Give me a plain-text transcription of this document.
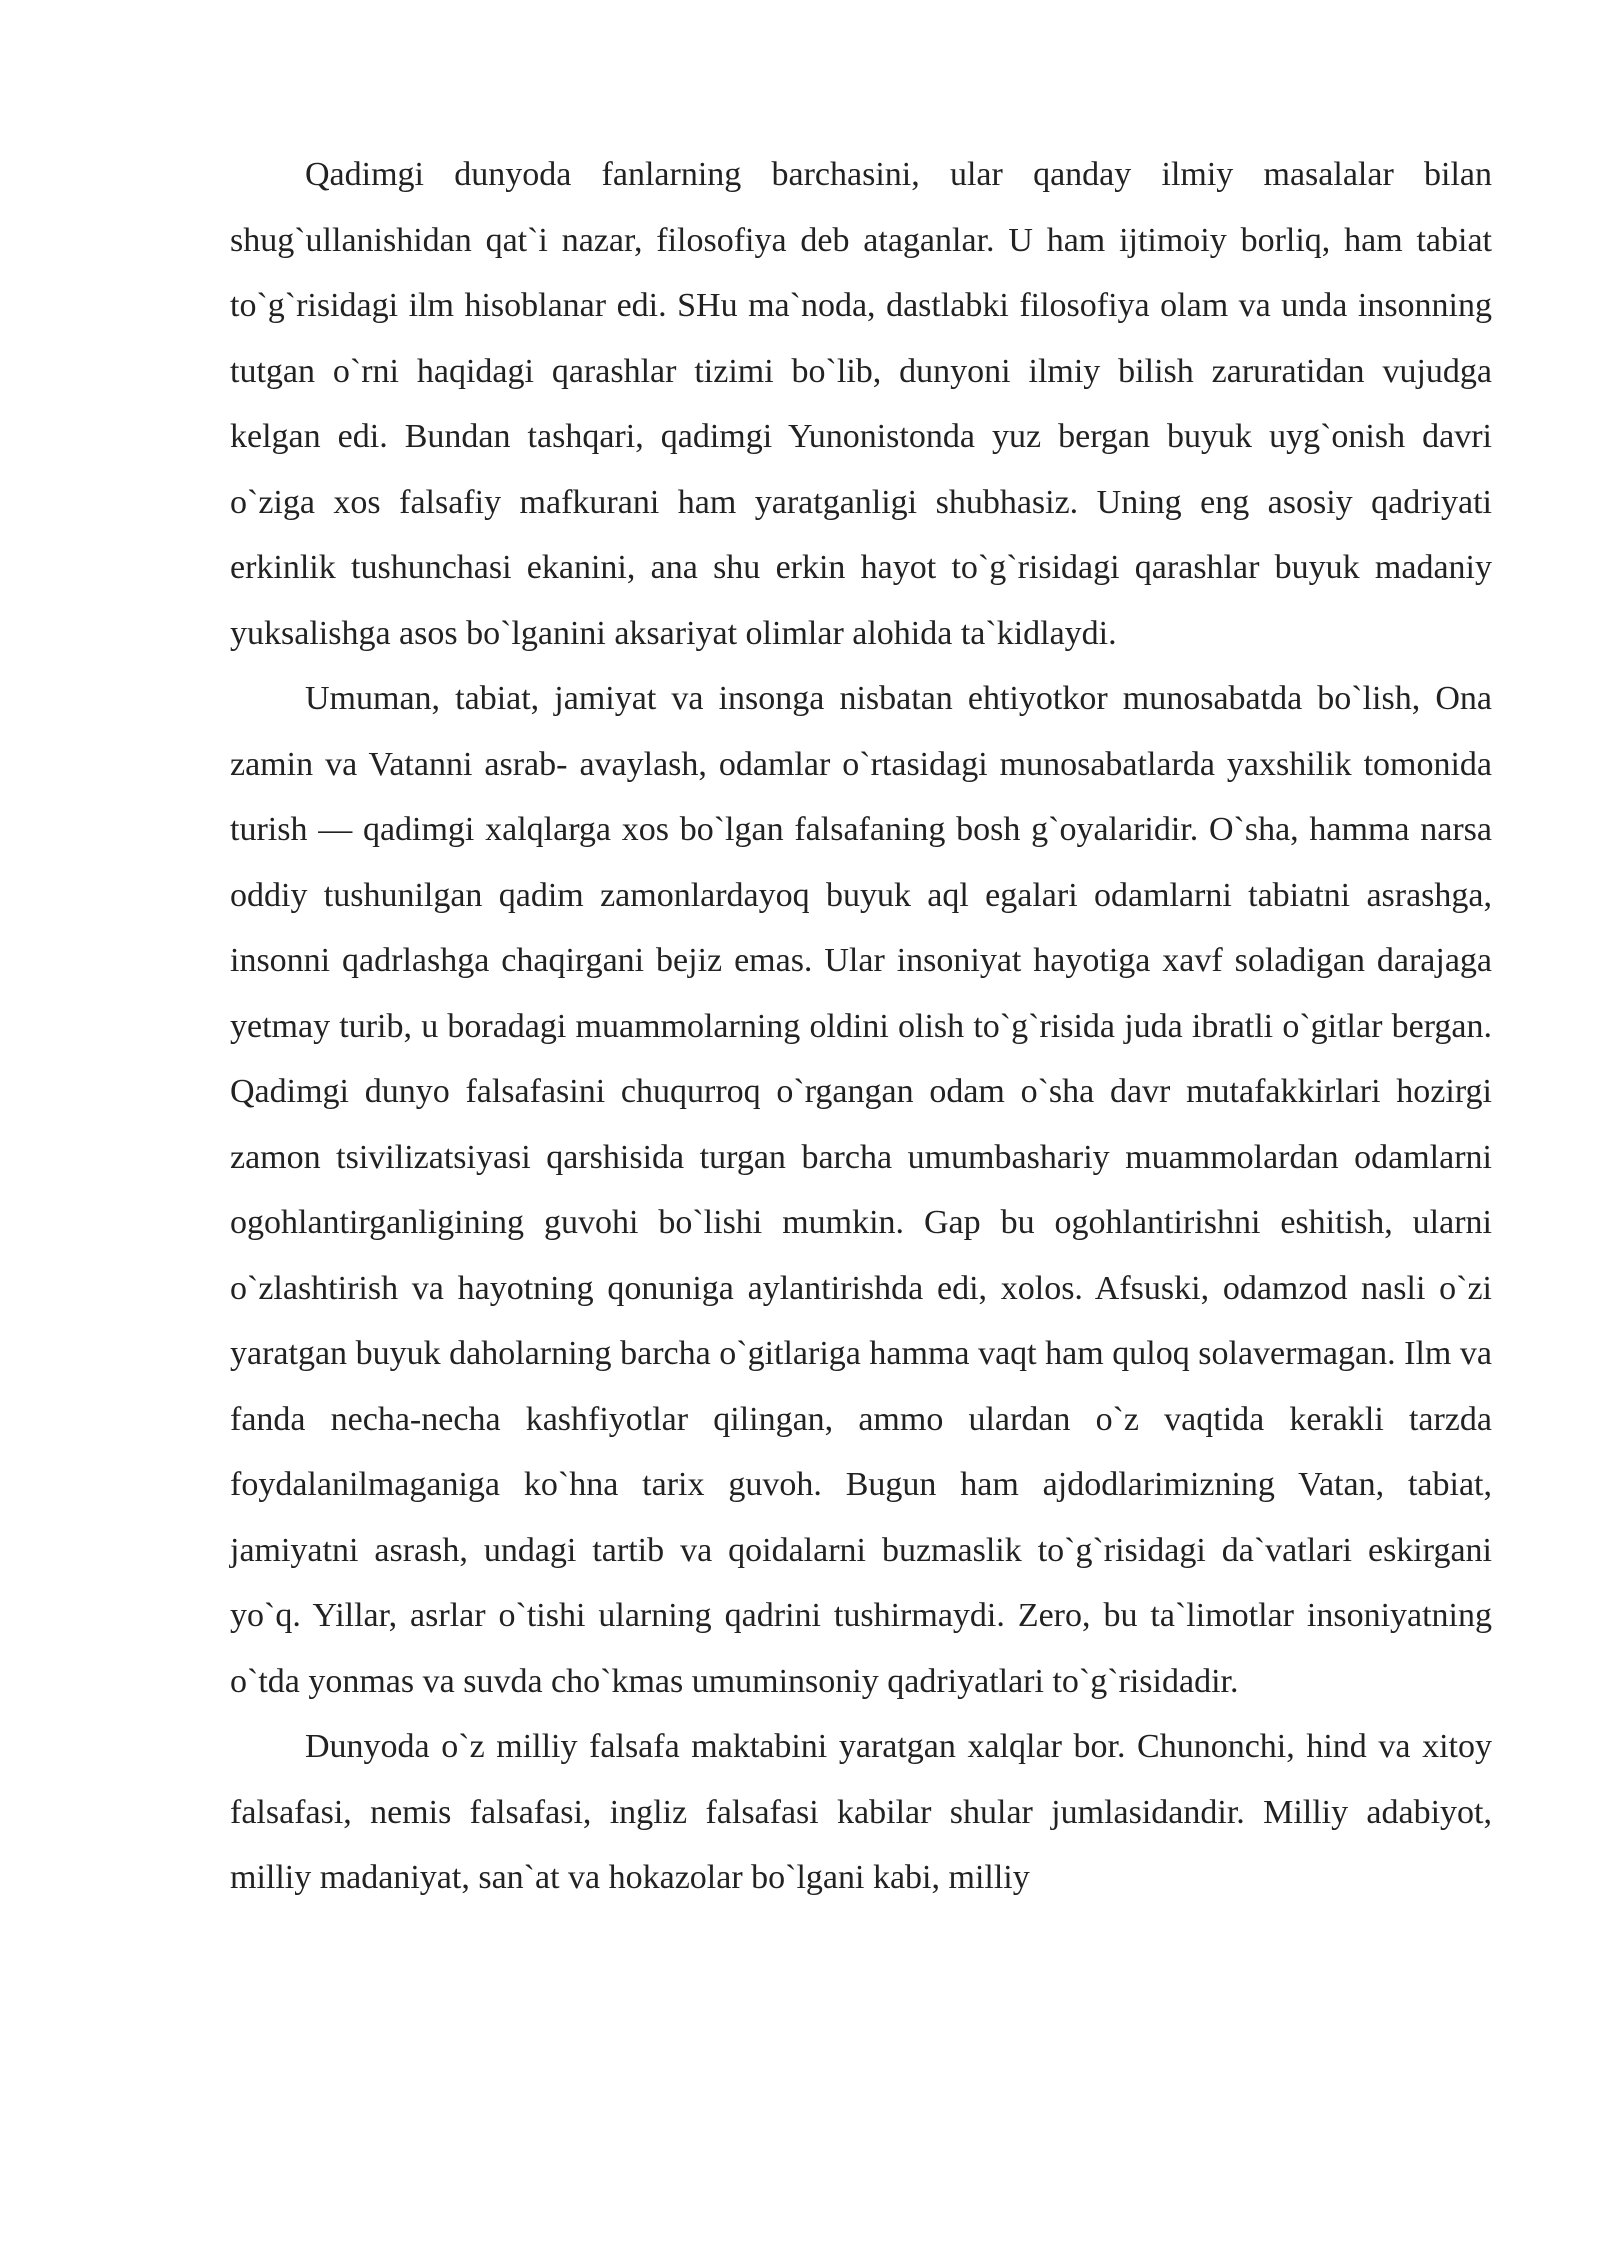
Qadimgi dunyoda fanlarning barchasini, ular qanday ilmiy masalalar bilan shug`ullanishidan qat`i nazar, filosofiya deb ataganlar. U ham ijtimoiy borliq, ham tabiat to`g`risidagi ilm hisoblanar edi. SHu ma`noda, dastlabki filosofiya olam va unda insonning tutgan o`rni haqidagi qarashlar tizimi bo`lib, dunyoni ilmiy bilish zaruratidan vujudga kelgan edi. Bundan tashqari, qadimgi Yunonistonda yuz bergan buyuk uyg`onish davri o`ziga xos falsafiy mafkurani ham yaratganligi shubhasiz. Uning eng asosiy qadriyati erkinlik tushunchasi ekanini, ana shu erkin hayot to`g`risidagi qarashlar buyuk madaniy yuksalishga asos bo`lganini aksariyat olimlar alohida ta`kidlaydi.

Umuman, tabiat, jamiyat va insonga nisbatan ehtiyotkor munosabatda bo`lish, Ona zamin va Vatanni asrab- avaylash, odamlar o`rtasidagi munosabatlarda yaxshilik tomonida turish — qadimgi xalqlarga xos bo`lgan falsafaning bosh g`oyalaridir. O`sha, hamma narsa oddiy tushunilgan qadim zamonlardayoq buyuk aql egalari odamlarni tabiatni asrashga, insonni qadrlashga chaqirgani bejiz emas. Ular insoniyat hayotiga xavf soladigan darajaga yetmay turib, u boradagi muammolarning oldini olish to`g`risida juda ibratli o`gitlar bergan. Qadimgi dunyo falsafasini chuqurroq o`rgangan odam o`sha davr mutafakkirlari hozirgi zamon tsivilizatsiyasi qarshisida turgan barcha umumbashariy muammolardan odamlarni ogohlantirganligining guvohi bo`lishi mumkin. Gap bu ogohlantirishni eshitish, ularni o`zlashtirish va hayotning qonuniga aylantirishda edi, xolos. Afsuski, odamzod nasli o`zi yaratgan buyuk daholarning barcha o`gitlariga hamma vaqt ham quloq solavermagan. Ilm va fanda necha-necha kashfiyotlar qilingan, ammo ulardan o`z vaqtida kerakli tarzda foydalanilmaganiga ko`hna tarix guvoh. Bugun ham ajdodlarimizning Vatan, tabiat, jamiyatni asrash, undagi tartib va qoidalarni buzmaslik to`g`risidagi da`vatlari eskirgani yo`q. Yillar, asrlar o`tishi ularning qadrini tushirmaydi. Zero, bu ta`limotlar insoniyatning o`tda yonmas va suvda cho`kmas umuminsoniy qadriyatlari to`g`risidadir.

Dunyoda o`z milliy falsafa maktabini yaratgan xalqlar bor. Chunonchi, hind va xitoy falsafasi, nemis falsafasi, ingliz falsafasi kabilar shular jumlasidandir. Milliy adabiyot, milliy madaniyat, san`at va hokazolar bo`lgani kabi, milliy
